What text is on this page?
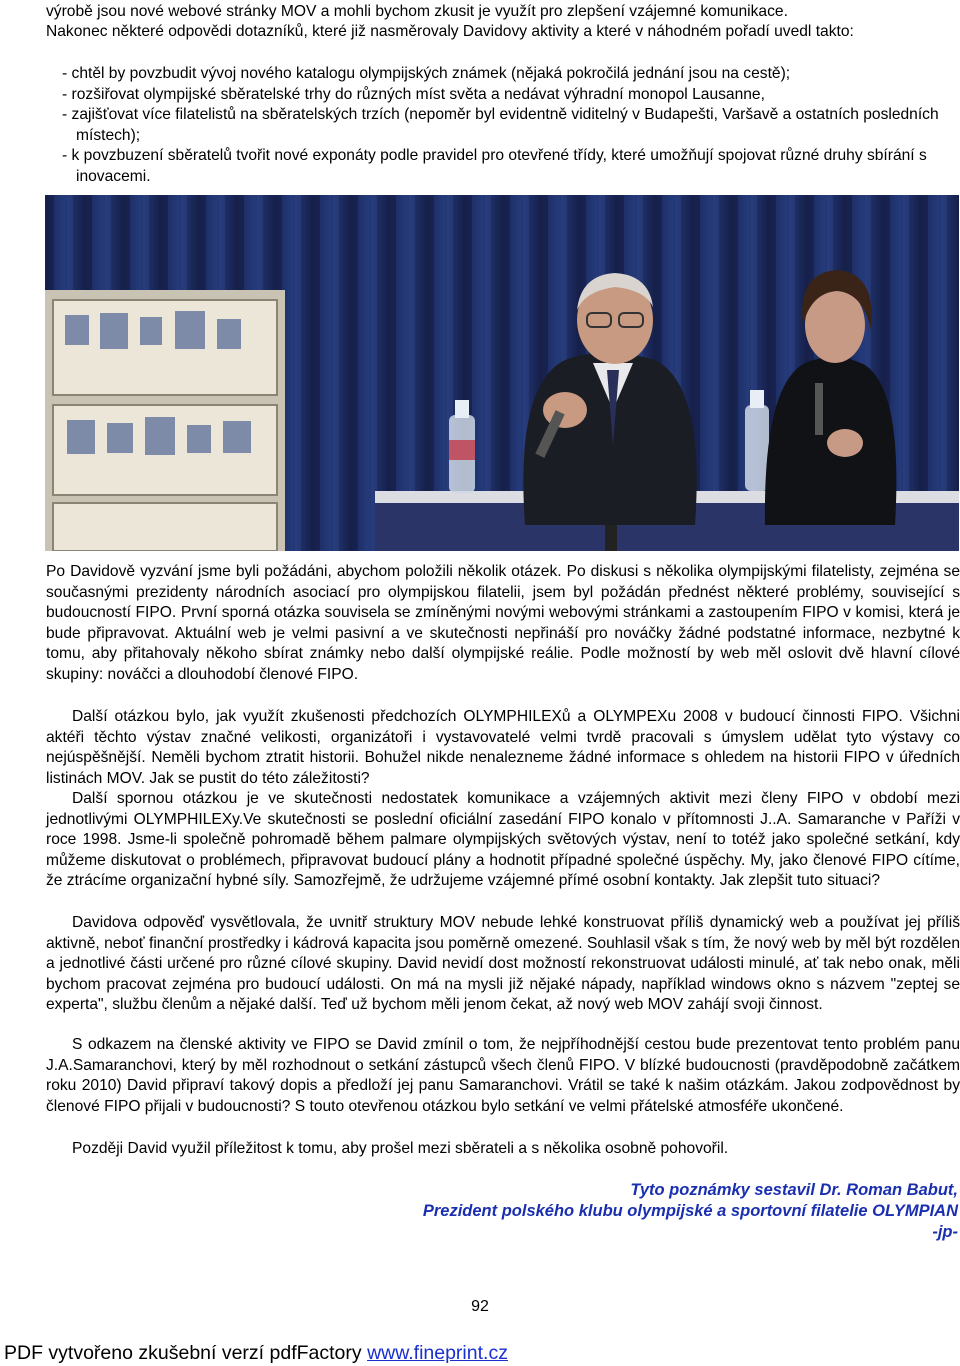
výrobě jsou nové webové stránky MOV a mohli bychom zkusit je využít pro zlepšení vzájemné komunikace.

Nakonec některé odpovědi dotazníků, které již nasměrovaly Davidovy aktivity a které v náhodném pořadí uvedl takto:

- chtěl by povzbudit vývoj nového katalogu olympijských známek (nějaká pokročilá jednání jsou na cestě);

- rozšiřovat olympijské sběratelské trhy do různých míst světa a nedávat výhradní monopol Lausanne,

- zajišťovat více filatelistů na sběratelských trzích (nepoměr byl evidentně viditelný v Budapešti, Varšavě a ostatních posledních místech);

- k povzbuzení sběratelů tvořit nové exponáty podle pravidel pro otevřené třídy, které umožňují spojovat různé druhy sbírání s inovacemi.

Po Davidově vyzvání jsme byli požádáni, abychom položili několik otázek. Po diskusi s několika olympijskými filatelisty, zejména se současnými prezidenty národních asociací pro olympijskou filatelii, jsem byl požádán přednést některé problémy, související s budoucností FIPO. První sporná otázka souvisela se zmíněnými novými webovými stránkami a zastoupením FIPO v komisi, která je bude připravovat. Aktuální web je velmi pasivní a ve skutečnosti nepřináší pro nováčky žádné podstatné informace, nezbytné k tomu, aby přitahovaly někoho sbírat známky nebo další olympijské reálie. Podle možností by web měl oslovit dvě hlavní cílové skupiny: nováčci a dlouhodobí členové FIPO.

Další otázkou bylo, jak využít zkušenosti předchozích OLYMPHILEXů a OLYMPEXu 2008 v budoucí činnosti FIPO. Všichni aktéři těchto výstav značné velikosti, organizátoři i vystavovatelé velmi tvrdě pracovali s úmyslem udělat tyto výstavy co nejúspěšnější. Neměli bychom ztratit historii. Bohužel nikde nenalezneme žádné informace s ohledem na historii FIPO v úředních listinách MOV. Jak se pustit do této záležitosti?

Další spornou otázkou je ve skutečnosti nedostatek komunikace a vzájemných aktivit mezi členy FIPO v období mezi jednotlivými OLYMPHILEXy.Ve skutečnosti se poslední oficiální zasedání FIPO konalo v přítomnosti J..A. Samaranche v Paříži v roce 1998. Jsme-li společně pohromadě během palmare olympijských světových výstav, není to totéž jako společné setkání, kdy můžeme diskutovat o problémech, připravovat budoucí plány a hodnotit případné společné úspěchy. My, jako členové FIPO cítíme, že ztrácíme organizační hybné síly. Samozřejmě, že udržujeme vzájemné přímé osobní kontakty. Jak zlepšit tuto situaci?

Davidova odpověď vysvětlovala, že uvnitř struktury MOV nebude lehké konstruovat příliš dynamický web a používat jej příliš aktivně, neboť finanční prostředky i kádrová kapacita jsou poměrně omezené. Souhlasil však s tím, že nový web by měl být rozdělen a jednotlivé části určené pro různé cílové skupiny. David nevidí dost možností rekonstruovat události minulé, ať tak nebo onak, měli bychom pracovat zejména pro budoucí události. On má na mysli již nějaké nápady, například windows okno s názvem "zeptej se experta", službu členům a nějaké další. Teď už bychom měli jenom čekat, až nový web MOV zahájí svoji činnost.

S odkazem na členské aktivity ve FIPO se David zmínil o tom, že nejpříhodnější cestou bude prezentovat tento problém panu J.A.Samaranchovi, který by měl rozhodnout o setkání zástupců všech členů FIPO. V blízké budoucnosti (pravděpodobně začátkem roku 2010) David připraví takový dopis a předloží jej panu Samaranchovi. Vrátil se také k našim otázkám. Jakou zodpovědnost by členové FIPO přijali v budoucnosti? S touto otevřenou otázkou bylo setkání ve velmi přátelské atmosféře ukončené.

Později David využil příležitost k tomu, aby prošel mezi sběrateli a s několika osobně pohovořil.

Tyto poznámky sestavil Dr. Roman Babut,
Prezident polského klubu olympijské a sportovní filatelie OLYMPIAN
-jp-
92
PDF vytvořeno zkušební verzí pdfFactory www.fineprint.cz
